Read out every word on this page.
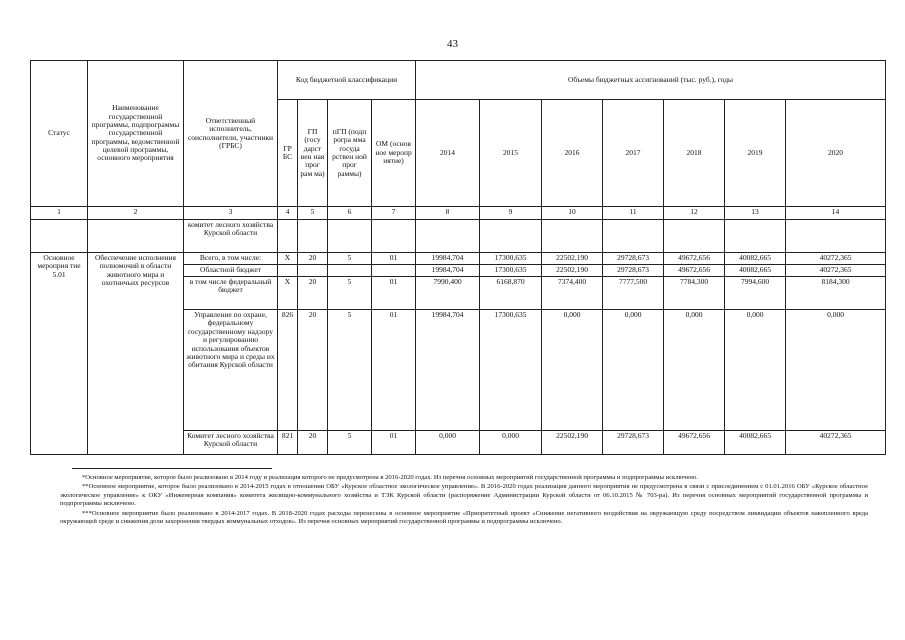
43
Статус	Наименование государственной программы, подпрограммы государственной программы, ведомственной целевой программы, основного мероприятия	Ответственный исполнитель, соисполнители, участники (ГРБС)	Код бюджетной классификации				Объемы бюджетных ассигнований (тыс. руб.), годы						
			ГР БС	ГП (госу дарст вен ная прог рам ма)	пГП (подп рогра мма госуда рствен ной прог раммы)	ОМ (основ ное меропр иятие)	2014	2015	2016	2017	2018	2019	2020
1	2	3	4	5	6	7	8	9	10	11	12	13	14
		комитет лесного хозяйства Курской области											
Основное мероприя тие 5.01	Обеспечение исполнения полномочий в области животного мира и охотничьих ресурсов	Всего, в том числе:	Х	20	5	01	19984,704	17300,635	22502,190	29728,673	49672,656	40082,665	40272,365
		Областной бюджет					19984,704	17300,635	22502,190	29728,673	49672,656	40082,665	40272,365
		в том числе федеральный бюджет	Х	20	5	01	7990,400	6168,870	7374,400	7777,500	7784,300	7994,600	8184,300
		Управление по охране, федеральному государственному надзору и регулированию использования объектов животного мира и среды их обитания Курской области	826	20	5	01	19984,704	17300,635	0,000	0,000	0,000	0,000	0,000
		Комитет лесного хозяйства Курской области	821	20	5	01	0,000	0,000	22502,190	29728,673	49672,656	40082,665	40272,365

*Основное мероприятие, которое было реализовано в 2014 году и реализация которого не предусмотрена в 2016-2020 годах. Из перечня основных мероприятий государственной программы и подпрограммы исключено.

**Основное мероприятие, которое было реализовано в 2014-2015 годах в отношении ОБУ «Курское областное экологическое управление». В 2016-2020 годах реализация данного мероприятия не предусмотрена в связи с присоединением с 01.01.2016 ОБУ «Курское областное экологическое управление» к ОКУ «Инженерная компания» комитета жилищно-коммунального хозяйства и ТЭК Курской области (распоряжение Администрации Курской области от 06.10.2015 № 703-ра). Из перечня основных мероприятий государственной программы и подпрограммы исключено.

***Основное мероприятие было реализовано в 2014-2017 годах. В 2018-2020 годах расходы перенесены в основное мероприятие «Приоритетный проект «Снижение негативного воздействия на окружающую среду посредством ликвидации объектов накопленного вреда окружающей среде и снижения доли захоронения твердых коммунальных отходов». Из перечня основных мероприятий государственной программы и подпрограммы исключено.
